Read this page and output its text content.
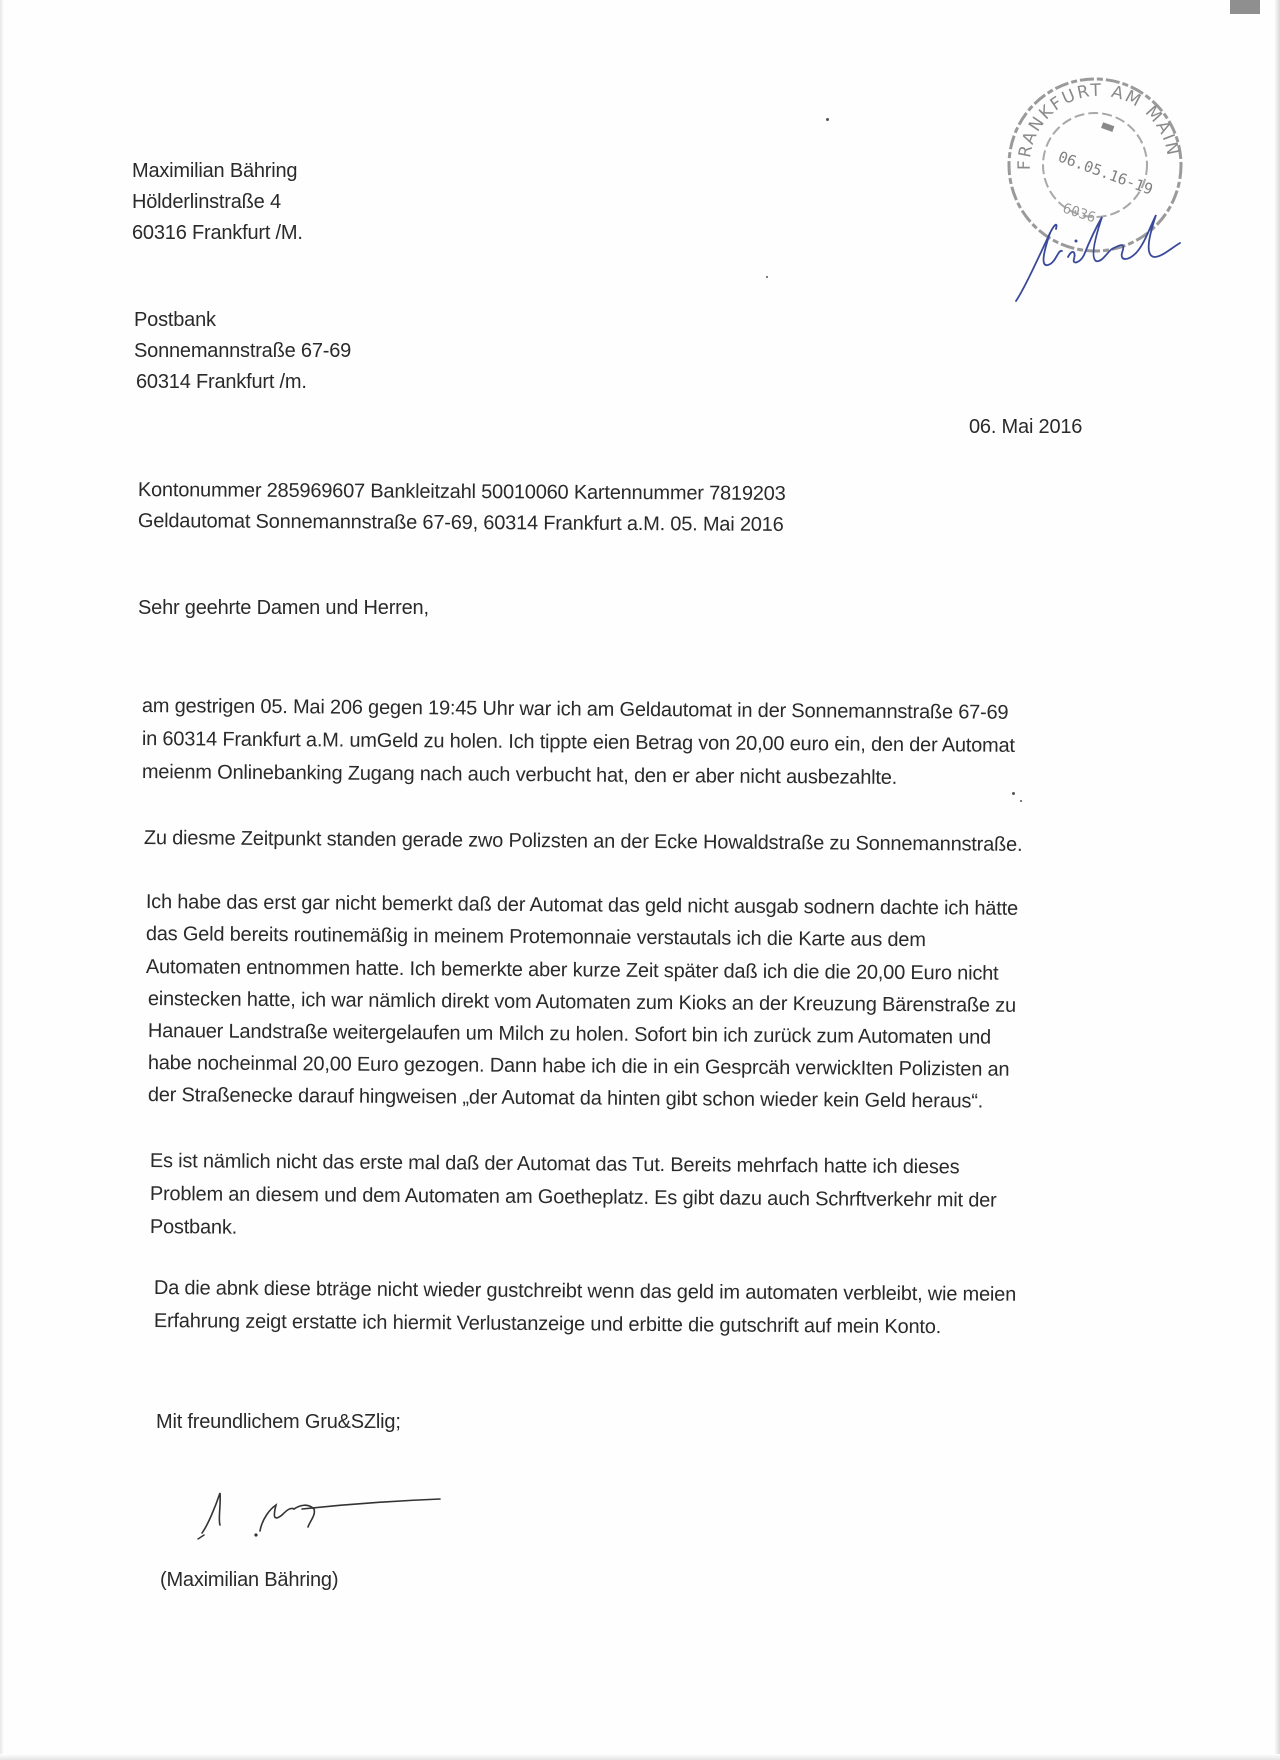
Maximilian Bähring
Hölderlinstraße 4
60316 Frankfurt /M.
Postbank
Sonnemannstraße 67-69
60314 Frankfurt /m.
06. Mai 2016
Kontonummer 285969607 Bankleitzahl 50010060 Kartennummer 7819203
Geldautomat Sonnemannstraße 67-69, 60314 Frankfurt a.M. 05. Mai 2016
Sehr geehrte Damen und Herren,
am gestrigen 05. Mai 206 gegen 19:45 Uhr war ich am Geldautomat in der Sonnemannstraße 67-69
in 60314 Frankfurt a.M. umGeld zu holen. Ich tippte eien Betrag von 20,00 euro ein, den der Automat
meienm Onlinebanking Zugang nach auch verbucht hat, den er aber nicht ausbezahlte.
Zu diesme Zeitpunkt standen gerade zwo Polizsten an der Ecke Howaldstraße zu Sonnemannstraße.
Ich habe das erst gar nicht bemerkt daß der Automat das geld nicht ausgab sodnern dachte ich hätte
das Geld bereits routinemäßig in meinem Protemonnaie verstautals ich die Karte aus dem
Automaten entnommen hatte. Ich bemerkte aber kurze Zeit später daß ich die die 20,00 Euro nicht
einstecken hatte, ich war nämlich direkt vom Automaten zum Kioks an der Kreuzung Bärenstraße zu
Hanauer Landstraße weitergelaufen um Milch zu holen. Sofort bin ich zurück zum Automaten und
habe nocheinmal 20,00 Euro gezogen. Dann habe ich die in ein Gesprcäh verwickIten Polizisten an
der Straßenecke darauf hingweisen „der Automat da hinten gibt schon wieder kein Geld heraus“.
Es ist nämlich nicht das erste mal daß der Automat das Tut. Bereits mehrfach hatte ich dieses
Problem an diesem und dem Automaten am Goetheplatz. Es gibt dazu auch Schrftverkehr mit der
Postbank.
Da die abnk diese bträge nicht wieder gustchreibt wenn das geld im automaten verbleibt, wie meien
Erfahrung zeigt erstatte ich hiermit Verlustanzeige und erbitte die gutschrift auf mein Konto.
Mit freundlichem Gru&SZlig;
(Maximilian Bähring)
FRANKFURT AM MAIN
06.05.16-19
6036
